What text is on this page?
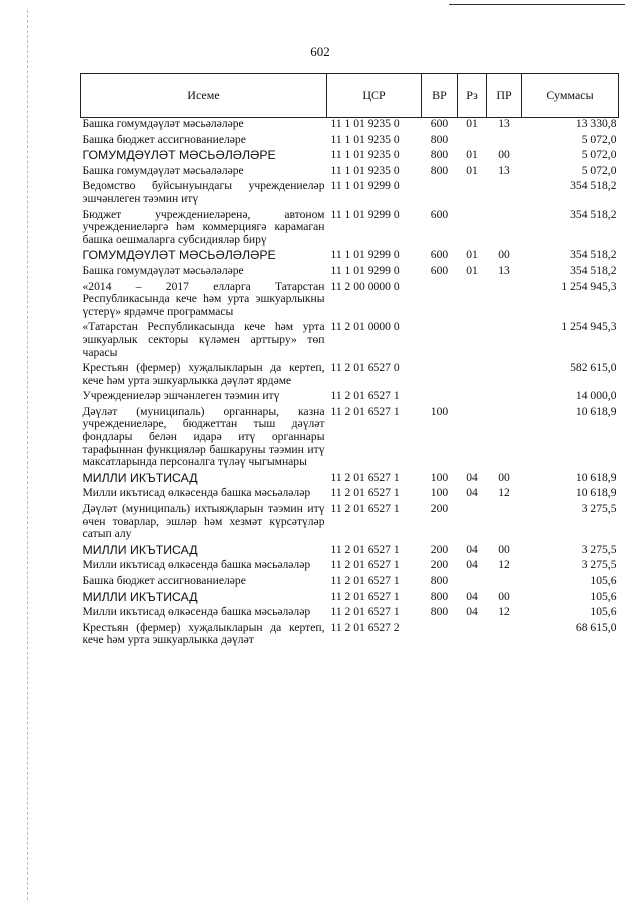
602
Исеме	ЦСР	ВР	Рз	ПР	Суммасы
Башка гомумдәүләт мәсьәләләре	11 1 01 9235 0	600	01	13	13 330,8
Башка бюджет ассигнованиеләре	11 1 01 9235 0	800			5 072,0
ГОМУМДӘҮЛӘТ МӘСЬӘЛӘЛӘРЕ	11 1 01 9235 0	800	01	00	5 072,0
Башка гомумдәүләт мәсьәләләре	11 1 01 9235 0	800	01	13	5 072,0
Ведомство буйсынуындагы учреждениеләр эшчәнлеген тәэмин итү	11 1 01 9299 0				354 518,2
Бюджет учреждениеләренә, автоном учреждениеләргә һәм коммерциягә карамаган башка оешмаларга субсидияләр бирү	11 1 01 9299 0	600			354 518,2
ГОМУМДӘҮЛӘТ МӘСЬӘЛӘЛӘРЕ	11 1 01 9299 0	600	01	00	354 518,2
Башка гомумдәүләт мәсьәләләре	11 1 01 9299 0	600	01	13	354 518,2
«2014 – 2017 елларга Татарстан Республикасында кече һәм урта эшкуарлыкны үстерү» ярдәмче программасы	11 2 00 0000 0				1 254 945,3
«Татарстан Республикасында кече һәм урта эшкуарлык секторы күләмен арттыру» төп чарасы	11 2 01 0000 0				1 254 945,3
Крестьян (фермер) хуҗалыкларын да кертеп, кече һәм урта эшкуарлыкка дәүләт ярдәме	11 2 01 6527 0				582 615,0
Учреждениеләр эшчәнлеген тәэмин итү	11 2 01 6527 1				14 000,0
Дәүләт (муниципаль) органнары, казна учреждениеләре, бюджеттан тыш дәүләт фондлары белән идарә итү органнары тарафыннан функцияләр башкаруны тәэмин итү максатларында персоналга түләү чыгымнары	11 2 01 6527 1	100			10 618,9
МИЛЛИ ИКЪТИСАД	11 2 01 6527 1	100	04	00	10 618,9
Милли икътисад өлкәсендә башка мәсьәләләр	11 2 01 6527 1	100	04	12	10 618,9
Дәүләт (муниципаль) ихтыяҗларын тәэмин итү өчен товарлар, эшләр һәм хезмәт күрсәтүләр сатып алу	11 2 01 6527 1	200			3 275,5
МИЛЛИ ИКЪТИСАД	11 2 01 6527 1	200	04	00	3 275,5
Милли икътисад өлкәсендә башка мәсьәләләр	11 2 01 6527 1	200	04	12	3 275,5
Башка бюджет ассигнованиеләре	11 2 01 6527 1	800			105,6
МИЛЛИ ИКЪТИСАД	11 2 01 6527 1	800	04	00	105,6
Милли икътисад өлкәсендә башка мәсьәләләр	11 2 01 6527 1	800	04	12	105,6
Крестьян (фермер) хуҗалыкларын да кертеп, кече һәм урта эшкуарлыкка дәүләт	11 2 01 6527 2				68 615,0
